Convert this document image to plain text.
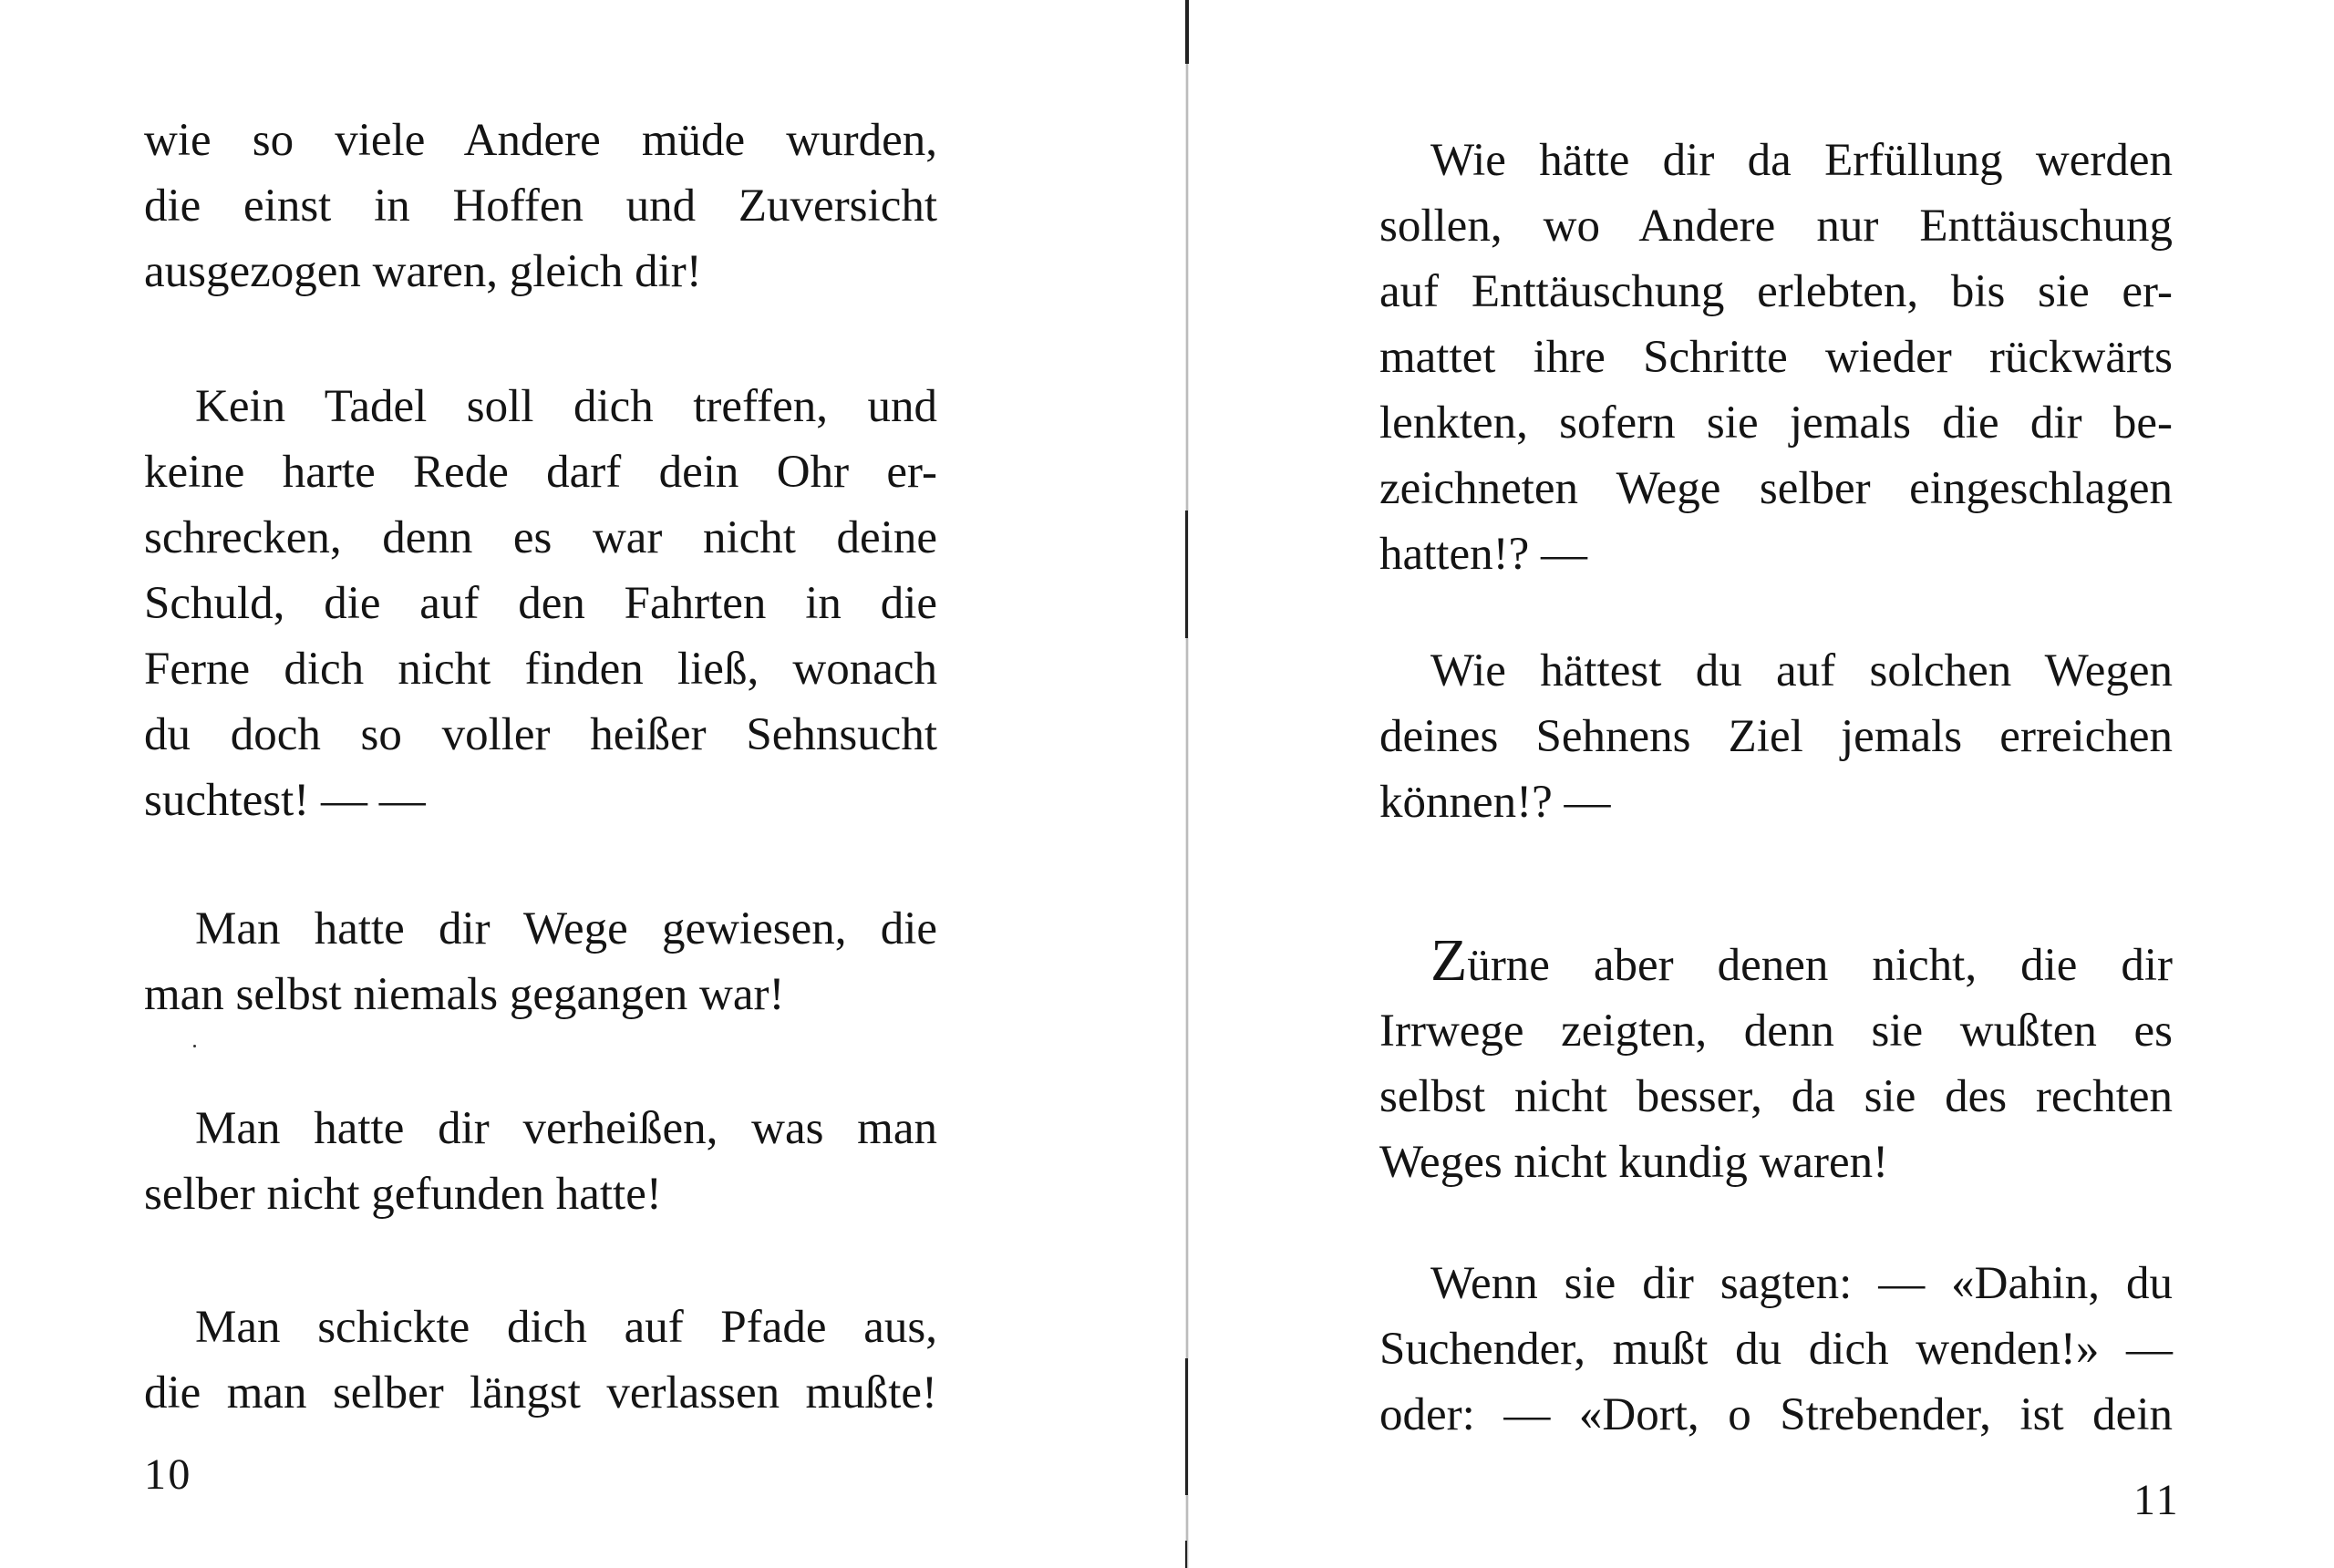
wie so viele Andere müde wurden,
die einst in Hoffen und Zuversicht
ausgezogen waren, gleich dir!

Kein Tadel soll dich treffen, und
keine harte Rede darf dein Ohr er-
schrecken, denn es war nicht deine
Schuld, die auf den Fahrten in die
Ferne dich nicht finden ließ, wonach
du doch so voller heißer Sehnsucht
suchtest! — —

Man hatte dir Wege gewiesen, die
man selbst niemals gegangen war!

Man hatte dir verheißen, was man
selber nicht gefunden hatte!

Man schickte dich auf Pfade aus,
die man selber längst verlassen mußte!

10

Wie hätte dir da Erfüllung werden
sollen, wo Andere nur Enttäuschung
auf Enttäuschung erlebten, bis sie er-
mattet ihre Schritte wieder rückwärts
lenkten, sofern sie jemals die dir be-
zeichneten Wege selber eingeschlagen
hatten!? —

Wie hättest du auf solchen Wegen
deines Sehnens Ziel jemals erreichen
können!? —

Zürne aber denen nicht, die dir
Irrwege zeigten, denn sie wußten es
selbst nicht besser, da sie des rechten
Weges nicht kundig waren!

Wenn sie dir sagten: — «Dahin, du
Suchender, mußt du dich wenden!» —
oder: — «Dort, o Strebender, ist dein

11
